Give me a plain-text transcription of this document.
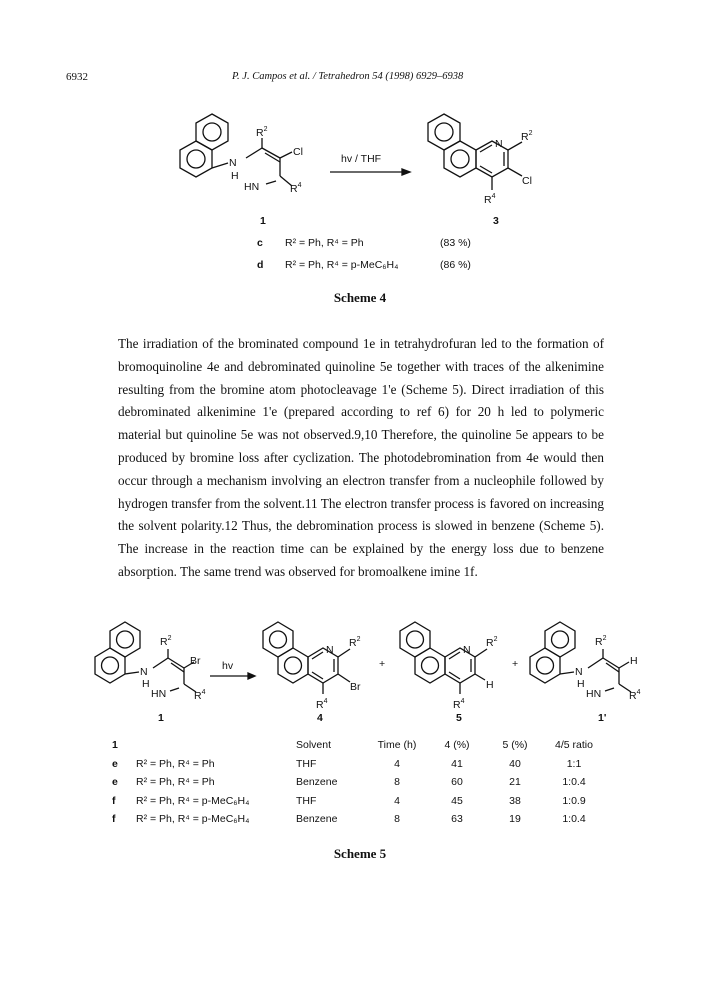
6932	P. J. Campos et al. / Tetrahedron 54 (1998) 6929–6938
$R^2$
Cl
N
H
HN	$R^4$
hv / THF
N
$R^2$
Cl
$R^4$
1	3
c R² = Ph, R⁴ = Ph	(83 %)
d R² = Ph, R⁴ = p-MeC₆H₄	(86 %)
Scheme 4
The irradiation of the brominated compound 1e in tetrahydrofuran led to the formation of bromoquinoline 4e and debrominated quinoline 5e together with traces of the alkenimine resulting from the bromine atom photocleavage 1'e (Scheme 5). Direct irradiation of this debrominated alkenimine 1'e (prepared according to ref 6) for 20 h led to polymeric material but quinoline 5e was not observed.9,10 Therefore, the quinoline 5e appears to be produced by bromine loss after cyclization. The photodebromination from 4e would then occur through a mechanism involving an electron transfer from a nucleophile followed by hydrogen transfer from the solvent.11 The electron transfer process is favored on increasing the solvent polarity.12 Thus, the debromination process is slowed in benzene (Scheme 5). The increase in the reaction time can be explained by the energy loss due to benzene absorption. The same trend was observed for bromoalkene imine 1f.
$R^2$
Br
N
H
HN	$R^4$
hv
N
$R^2$
Br
$R^4$
+
N
$R^2$
H
$R^4$
+
$R^2$
H
N
H
HN	$R^4$
1	4	5	1'
1		Solvent	Time (h)	4 (%)	5 (%)	4/5 ratio
e	R² = Ph, R⁴ = Ph	THF	4	41	40	1:1
e	R² = Ph, R⁴ = Ph	Benzene	8	60	21	1:0.4
f	R² = Ph, R⁴ = p-MeC₆H₄	THF	4	45	38	1:0.9
f	R² = Ph, R⁴ = p-MeC₆H₄	Benzene	8	63	19	1:0.4
Scheme 5
